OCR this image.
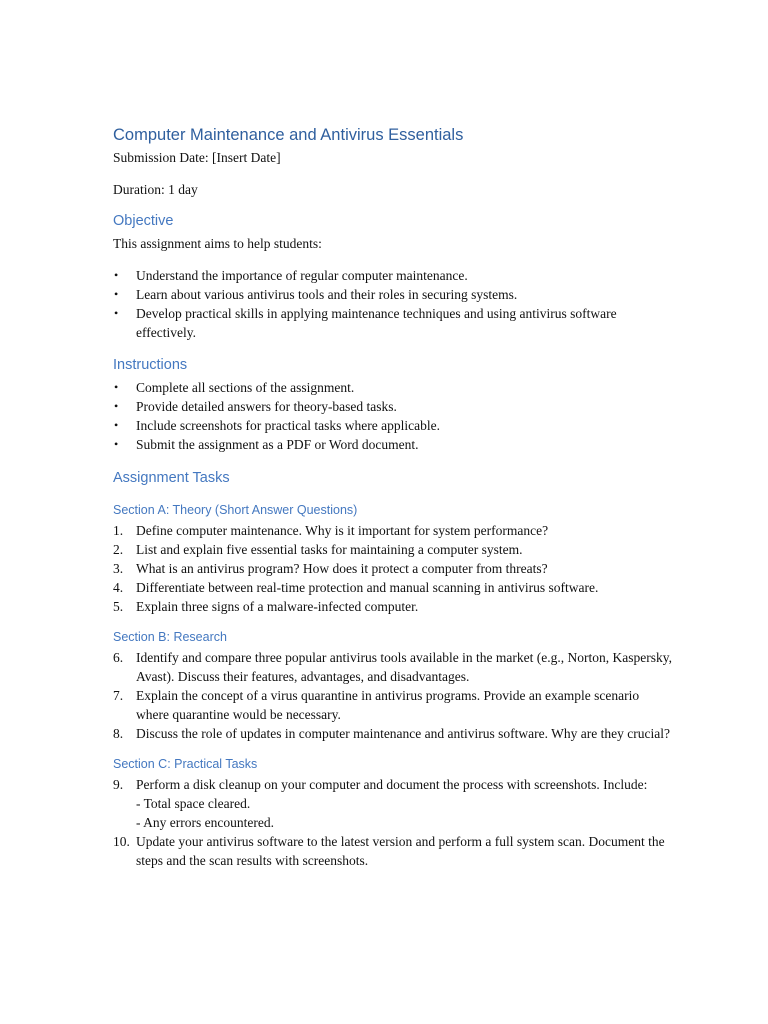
Computer Maintenance and Antivirus Essentials

Submission Date: [Insert Date]

Duration: 1 day

Objective

This assignment aims to help students:

• Understand the importance of regular computer maintenance.
• Learn about various antivirus tools and their roles in securing systems.
• Develop practical skills in applying maintenance techniques and using antivirus software effectively.
Instructions
• Complete all sections of the assignment.
• Provide detailed answers for theory-based tasks.
• Include screenshots for practical tasks where applicable.
• Submit the assignment as a PDF or Word document.
Assignment Tasks
Section A: Theory (Short Answer Questions)
1. Define computer maintenance. Why is it important for system performance?
2. List and explain five essential tasks for maintaining a computer system.
3. What is an antivirus program? How does it protect a computer from threats?
4. Differentiate between real-time protection and manual scanning in antivirus software.
5. Explain three signs of a malware-infected computer.
Section B: Research
6. Identify and compare three popular antivirus tools available in the market (e.g., Norton, Kaspersky, Avast). Discuss their features, advantages, and disadvantages.
7. Explain the concept of a virus quarantine in antivirus programs. Provide an example scenario where quarantine would be necessary.
8. Discuss the role of updates in computer maintenance and antivirus software. Why are they crucial?
Section C: Practical Tasks
9. Perform a disk cleanup on your computer and document the process with screenshots. Include:
- Total space cleared.
- Any errors encountered.
10. Update your antivirus software to the latest version and perform a full system scan. Document the steps and the scan results with screenshots.
